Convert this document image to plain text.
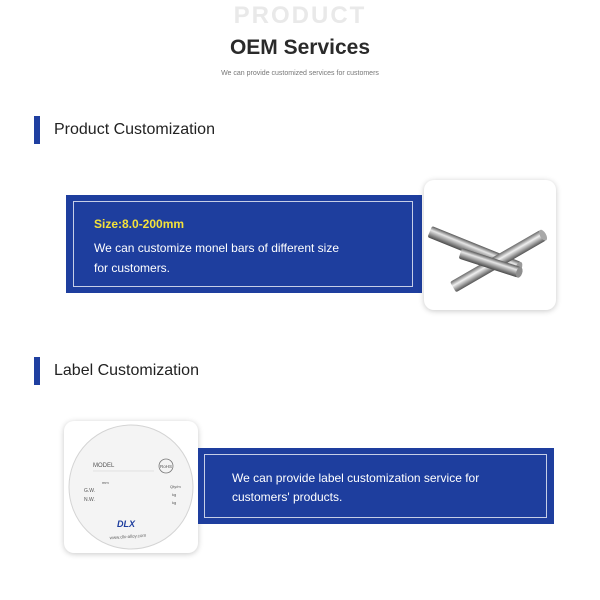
PRODUCT
OEM Services
We can provide customized services for customers
Product Customization
Size:8.0-200mm
We can customize monel bars of different size
for customers.
Label Customization
MODEL	RoHS
mm
G.W.
N.W.
Qty/m
kg
kg
DLX
www.dlx-alloy.com
We can provide label customization service for
customers' products.
